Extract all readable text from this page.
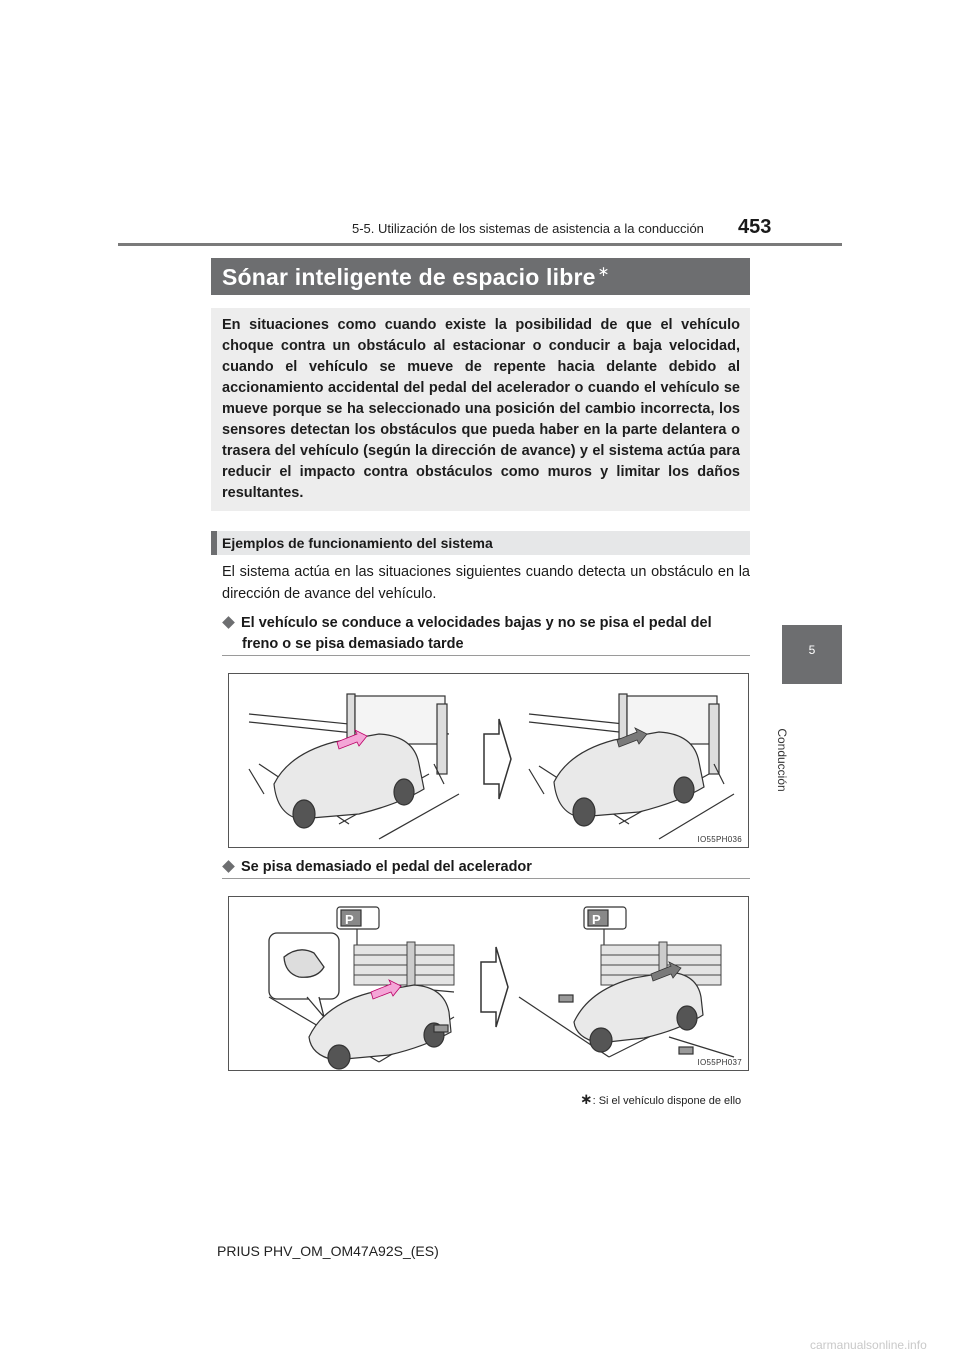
5-5. Utilización de los sistemas de asistencia a la conducción 453
5
Conducción
Sónar inteligente de espacio libre ∗
En situaciones como cuando existe la posibilidad de que el vehículo choque contra un obstáculo al estacionar o conducir a baja velocidad, cuando el vehículo se mueve de repente hacia delante debido al accionamiento accidental del pedal del acelerador o cuando el vehículo se mueve porque se ha seleccionado una posición del cambio incorrecta, los sensores detectan los obstáculos que pueda haber en la parte delantera o trasera del vehículo (según la dirección de avance) y el sistema actúa para reducir el impacto contra obstáculos como muros y limitar los daños resultantes.
Ejemplos de funcionamiento del sistema
El sistema actúa en las situaciones siguientes cuando detecta un obstáculo en la dirección de avance del vehículo.
El vehículo se conduce a velocidades bajas y no se pisa el pedal del freno o se pisa demasiado tarde
IO55PH036
Se pisa demasiado el pedal del acelerador
P	P
IO55PH037
∗: Si el vehículo dispone de ello
PRIUS PHV_OM_OM47A92S_(ES)
carmanualsonline.info
